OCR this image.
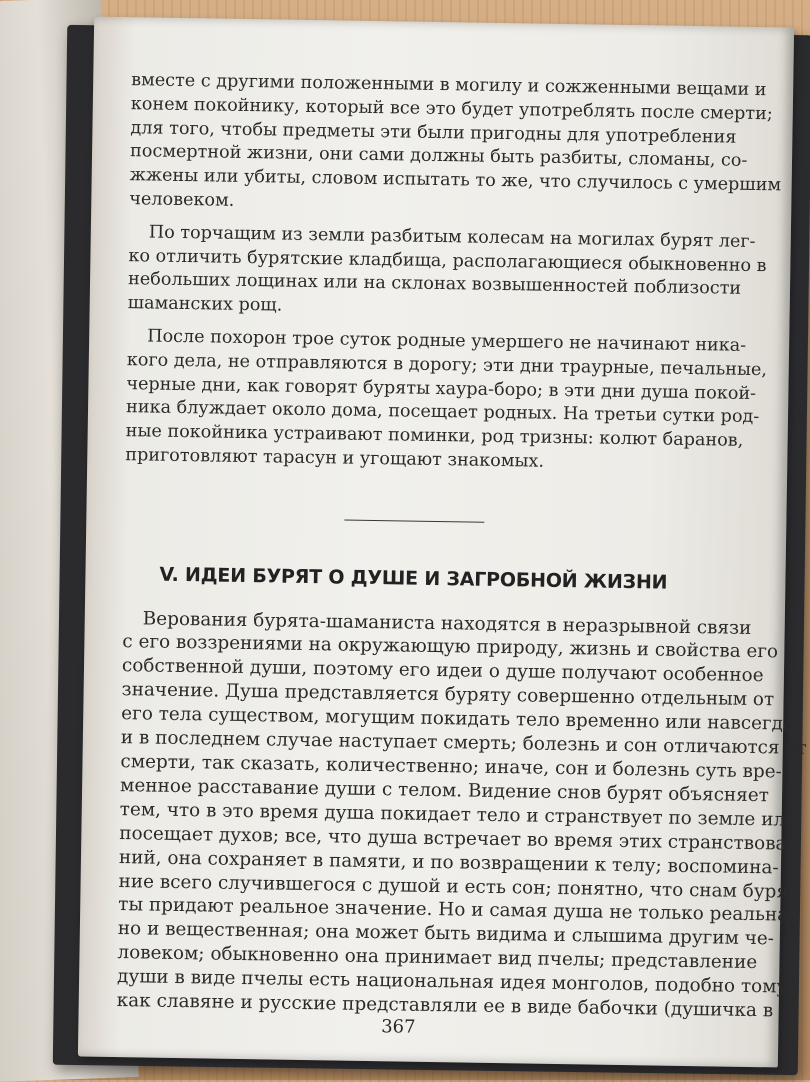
вместе с другими положенными в могилу и сожженными вещами и
конем покойнику, который все это будет употреблять после смерти;
для того, чтобы предметы эти были пригодны для употребления
посмертной жизни, они сами должны быть разбиты, сломаны, со-
жжены или убиты, словом испытать то же, что случилось с умершим
человеком.
По торчащим из земли разбитым колесам на могилах бурят лег-
ко отличить бурятские кладбища, располагающиеся обыкновенно в
небольших лощинах или на склонах возвышенностей поблизости
шаманских рощ.
После похорон трое суток родные умершего не начинают ника-
кого дела, не отправляются в дорогу; эти дни траурные, печальные,
черные дни, как говорят буряты хаура-боро; в эти дни душа покой-
ника блуждает около дома, посещает родных. На третьи сутки род-
ные покойника устраивают поминки, род тризны: колют баранов,
приготовляют тарасун и угощают знакомых.
V. ИДЕИ БУРЯТ О ДУШЕ И ЗАГРОБНОЙ ЖИЗНИ
Верования бурята-шаманиста находятся в неразрывной связи
с его воззрениями на окружающую природу, жизнь и свойства его
собственной души, поэтому его идеи о душе получают особенное
значение. Душа представляется буряту совершенно отдельным от
его тела существом, могущим покидать тело временно или навсегда,
и в последнем случае наступает смерть; болезнь и сон отличаются от
смерти, так сказать, количественно; иначе, сон и болезнь суть вре-
менное расставание души с телом. Видение снов бурят объясняет
тем, что в это время душа покидает тело и странствует по земле или
посещает духов; все, что душа встречает во время этих странствова-
ний, она сохраняет в памяти, и по возвращении к телу; воспомина-
ние всего случившегося с душой и есть сон; понятно, что снам буря-
ты придают реальное значение. Но и самая душа не только реальна,
но и вещественная; она может быть видима и слышима другим че-
ловеком; обыкновенно она принимает вид пчелы; представление
души в виде пчелы есть национальная идея монголов, подобно тому,
как славяне и русские представляли ее в виде бабочки (душичка в
367
